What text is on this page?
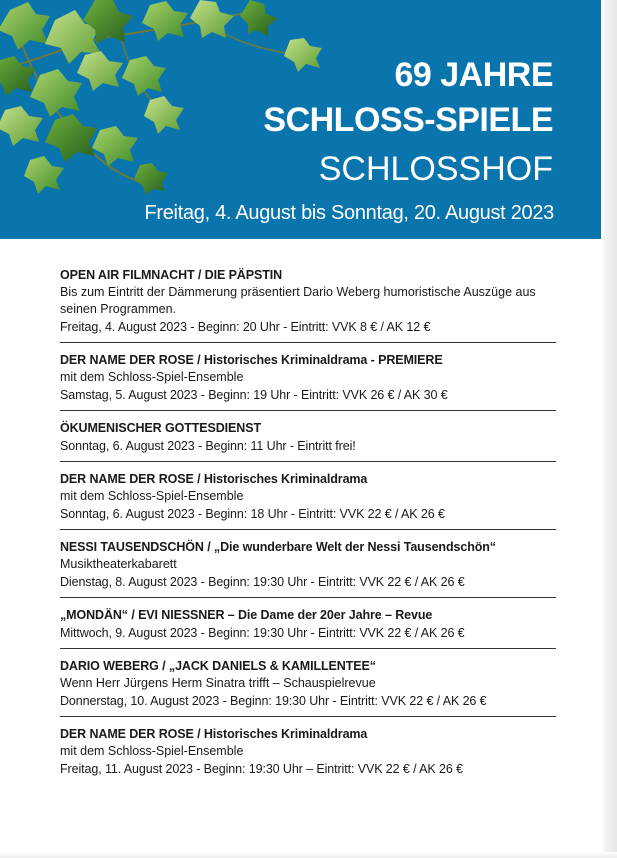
69 JAHRE
SCHLOSS-SPIELE
SCHLOSSHOF
Freitag, 4. August bis Sonntag, 20. August 2023
OPEN AIR FILMNACHT / DIE PÄPSTIN
Bis zum Eintritt der Dämmerung präsentiert Dario Weberg humoristische Auszüge aus seinen Programmen.
Freitag, 4. August 2023 - Beginn: 20 Uhr - Eintritt: VVK 8 € / AK 12 €
DER NAME DER ROSE / Historisches Kriminaldrama - PREMIERE
mit dem Schloss-Spiel-Ensemble
Samstag, 5. August 2023 - Beginn: 19 Uhr - Eintritt: VVK 26 € / AK 30 €
ÖKUMENISCHER GOTTESDIENST
Sonntag, 6. August 2023 - Beginn: 11 Uhr - Eintritt frei!
DER NAME DER ROSE / Historisches Kriminaldrama
mit dem Schloss-Spiel-Ensemble
Sonntag, 6. August 2023 - Beginn: 18 Uhr - Eintritt: VVK 22 € / AK 26 €
NESSI TAUSENDSCHÖN / „Die wunderbare Welt der Nessi Tausendschön“
Musiktheaterkabarett
Dienstag, 8. August 2023 - Beginn: 19:30 Uhr - Eintritt: VVK 22 € / AK 26 €
„MONDÄN“ / EVI NIESSNER – Die Dame der 20er Jahre – Revue
Mittwoch, 9. August 2023 - Beginn: 19:30 Uhr - Eintritt: VVK 22 € / AK 26 €
DARIO WEBERG / „JACK DANIELS & KAMILLENTEE“
Wenn Herr Jürgens Herm Sinatra trifft – Schauspielrevue
Donnerstag, 10. August 2023 - Beginn: 19:30 Uhr - Eintritt: VVK 22 € / AK 26 €
DER NAME DER ROSE / Historisches Kriminaldrama
mit dem Schloss-Spiel-Ensemble
Freitag, 11. August 2023 - Beginn: 19:30 Uhr – Eintritt: VVK 22 € / AK 26 €
